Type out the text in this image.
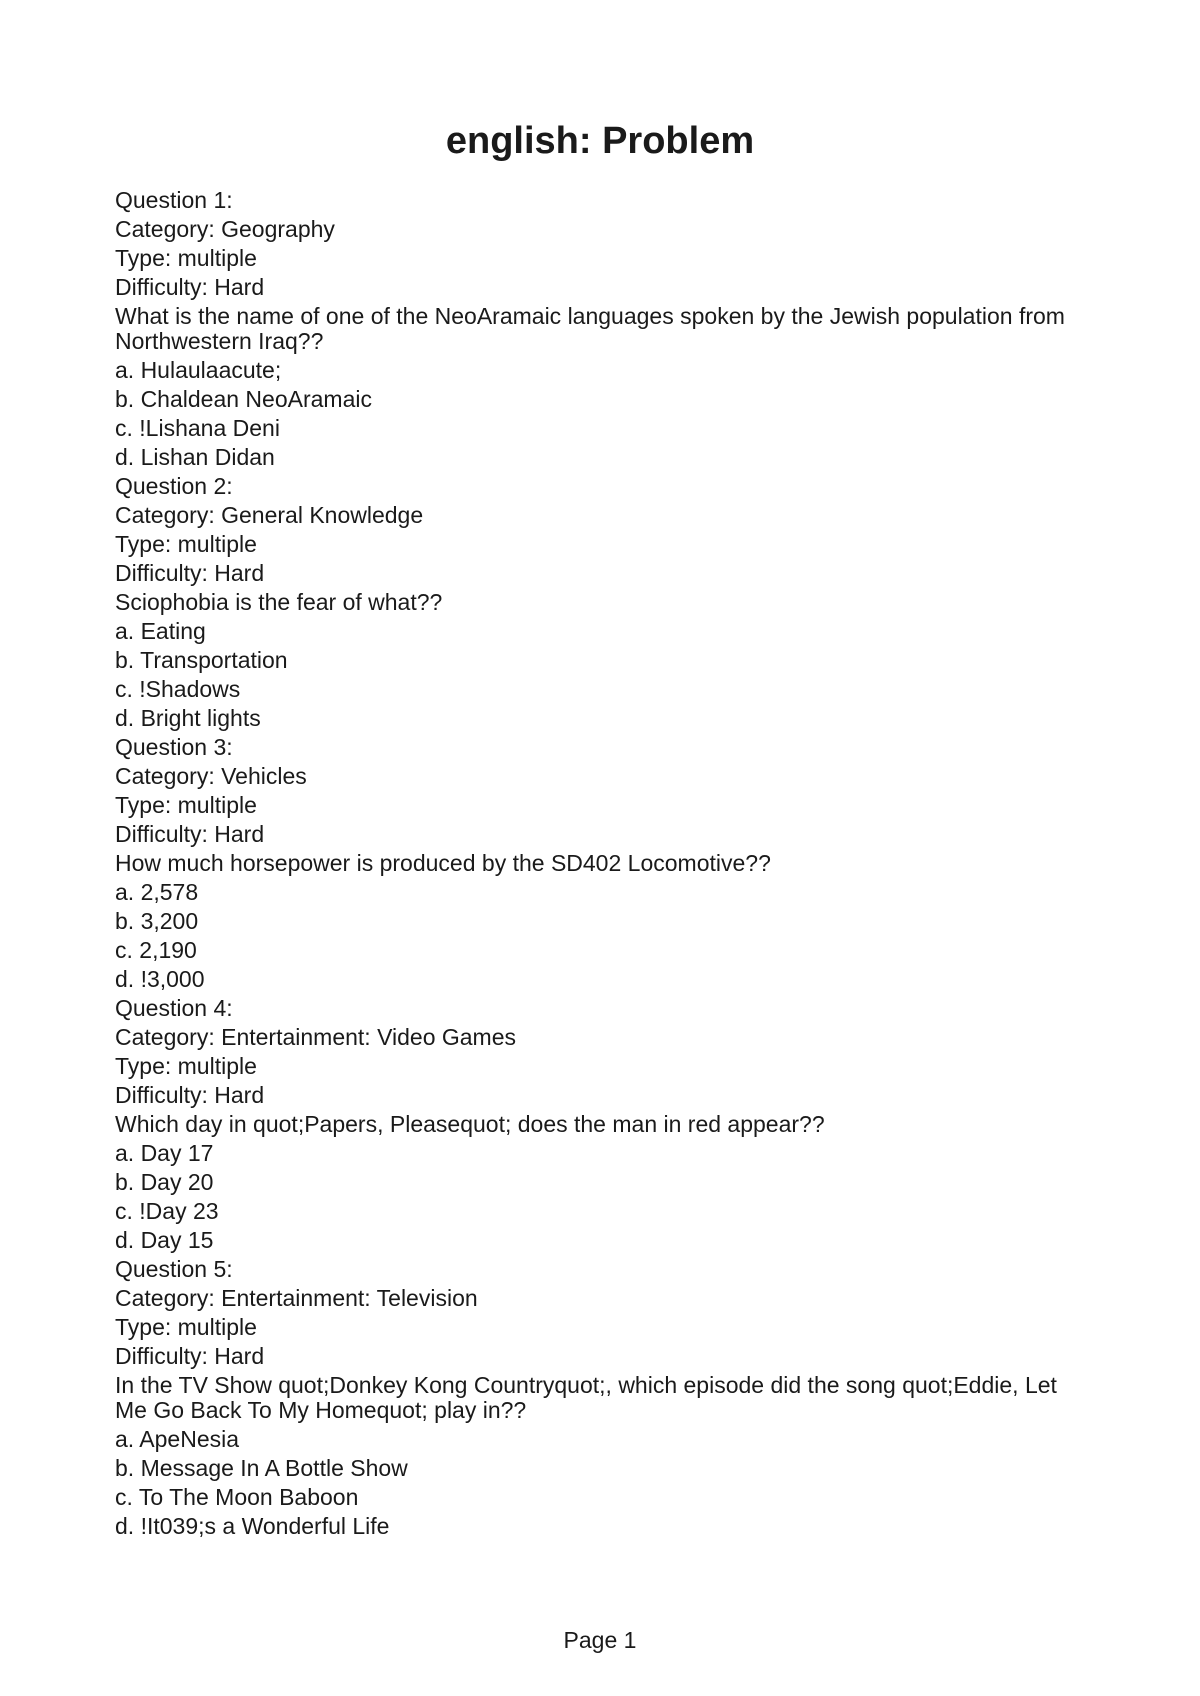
english: Problem

Question 1:

Category: Geography

Type: multiple

Difficulty: Hard

What is the name of one of the NeoAramaic languages spoken by the Jewish population from Northwestern Iraq??

a. Hulaulaacute;

b. Chaldean NeoAramaic

c. !Lishana Deni

d. Lishan Didan

Question 2:

Category: General Knowledge

Type: multiple

Difficulty: Hard

Sciophobia is the fear of what??

a. Eating

b. Transportation

c. !Shadows

d. Bright lights

Question 3:

Category: Vehicles

Type: multiple

Difficulty: Hard

How much horsepower is produced by the SD402 Locomotive??

a. 2,578

b. 3,200

c. 2,190

d. !3,000

Question 4:

Category: Entertainment: Video Games

Type: multiple

Difficulty: Hard

Which day in quot;Papers, Pleasequot; does the man in red appear??

a. Day 17

b. Day 20

c. !Day 23

d. Day 15

Question 5:

Category: Entertainment: Television

Type: multiple

Difficulty: Hard

In the TV Show quot;Donkey Kong Countryquot;, which episode did the song quot;Eddie, Let Me Go Back To My Homequot; play in??

a. ApeNesia

b. Message In A Bottle Show

c. To The Moon Baboon

d. !It039;s a Wonderful Life

Page 1
